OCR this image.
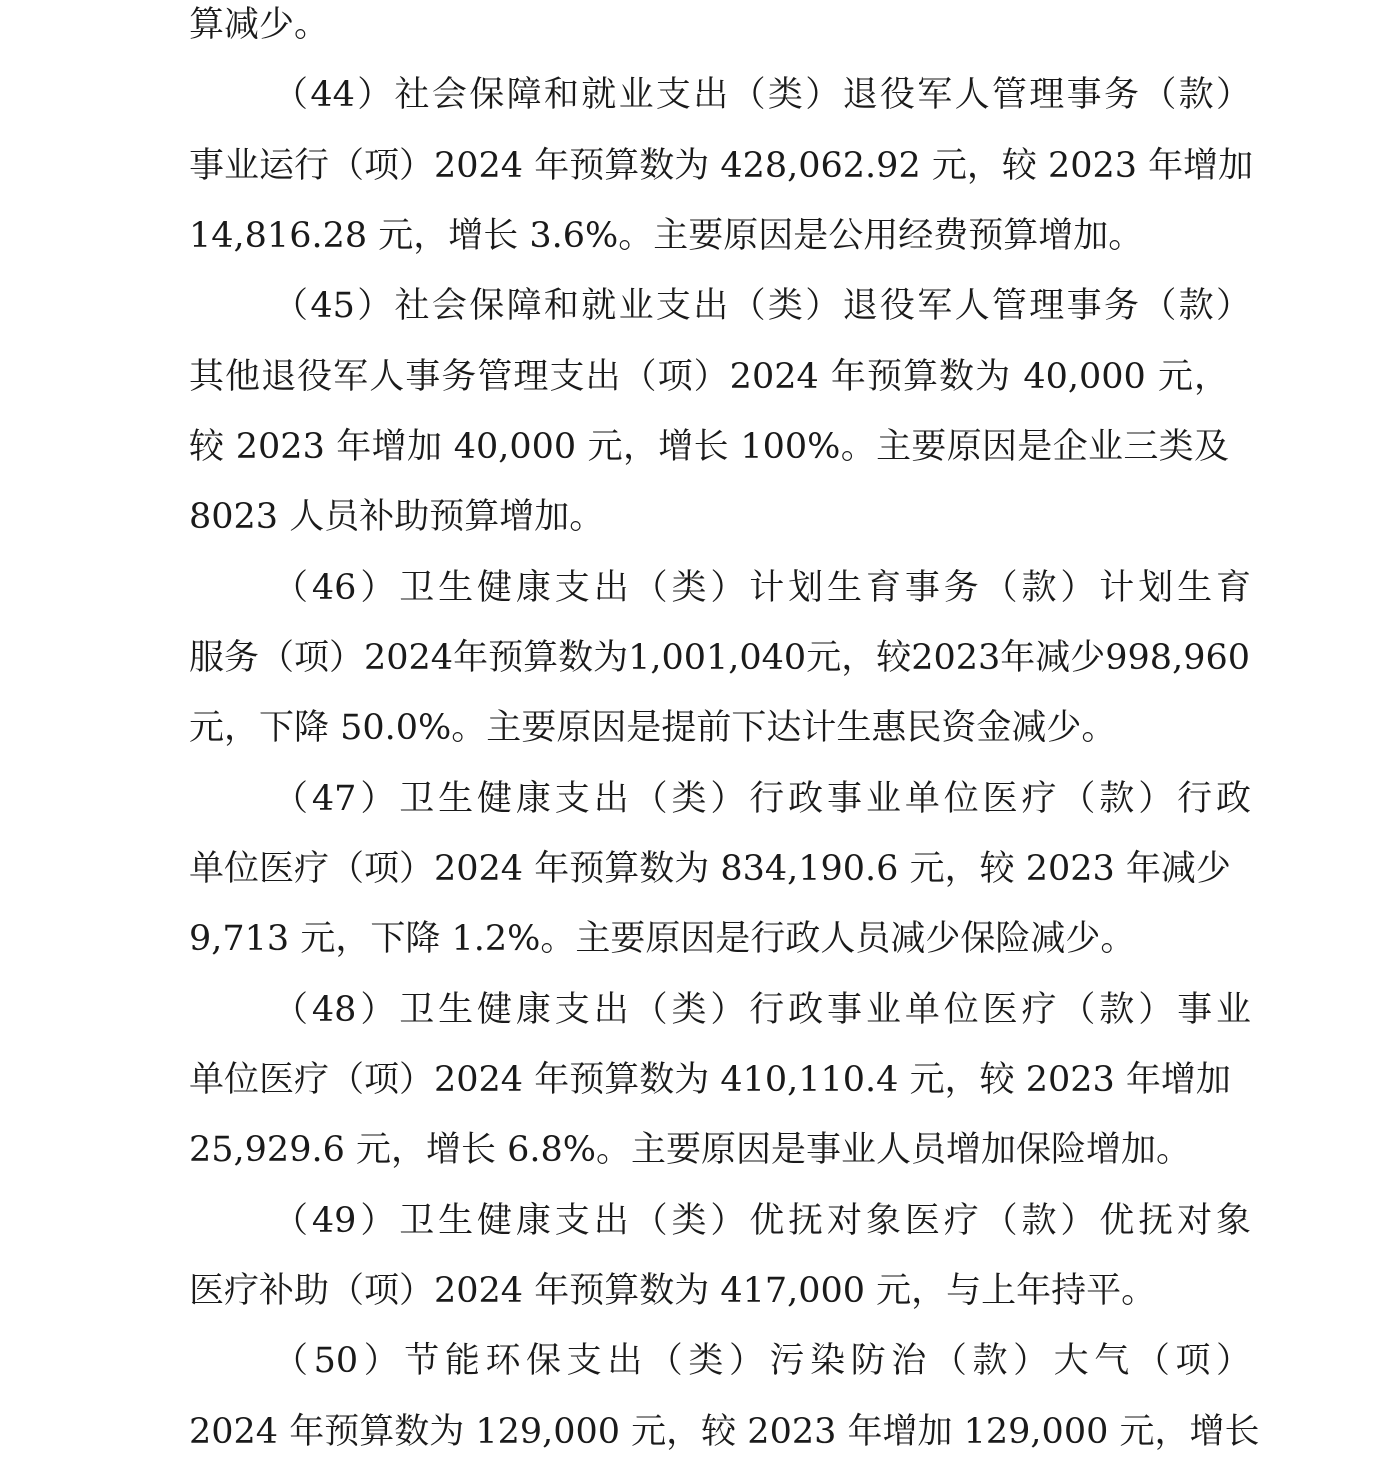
算减少。
（44）社会保障和就业支出（类）退役军人管理事务（款）
事业运行（项）2024 年预算数为 428,062.92 元，较 2023 年增加
14,816.28 元，增长 3.6%。主要原因是公用经费预算增加。
（45）社会保障和就业支出（类）退役军人管理事务（款）
其他退役军人事务管理支出（项）2024 年预算数为 40,000 元，
较 2023 年增加 40,000 元，增长 100%。主要原因是企业三类及
8023 人员补助预算增加。
（46）卫生健康支出（类）计划生育事务（款）计划生育
服务（项）2024年预算数为1,001,040元，较2023年减少998,960
元，下降 50.0%。主要原因是提前下达计生惠民资金减少。
（47）卫生健康支出（类）行政事业单位医疗（款）行政
单位医疗（项）2024 年预算数为 834,190.6 元，较 2023 年减少
9,713 元，下降 1.2%。主要原因是行政人员减少保险减少。
（48）卫生健康支出（类）行政事业单位医疗（款）事业
单位医疗（项）2024 年预算数为 410,110.4 元，较 2023 年增加
25,929.6 元，增长 6.8%。主要原因是事业人员增加保险增加。
（49）卫生健康支出（类）优抚对象医疗（款）优抚对象
医疗补助（项）2024 年预算数为 417,000 元，与上年持平。
（50）节能环保支出（类）污染防治（款）大气（项）
2024 年预算数为 129,000 元，较 2023 年增加 129,000 元，增长
